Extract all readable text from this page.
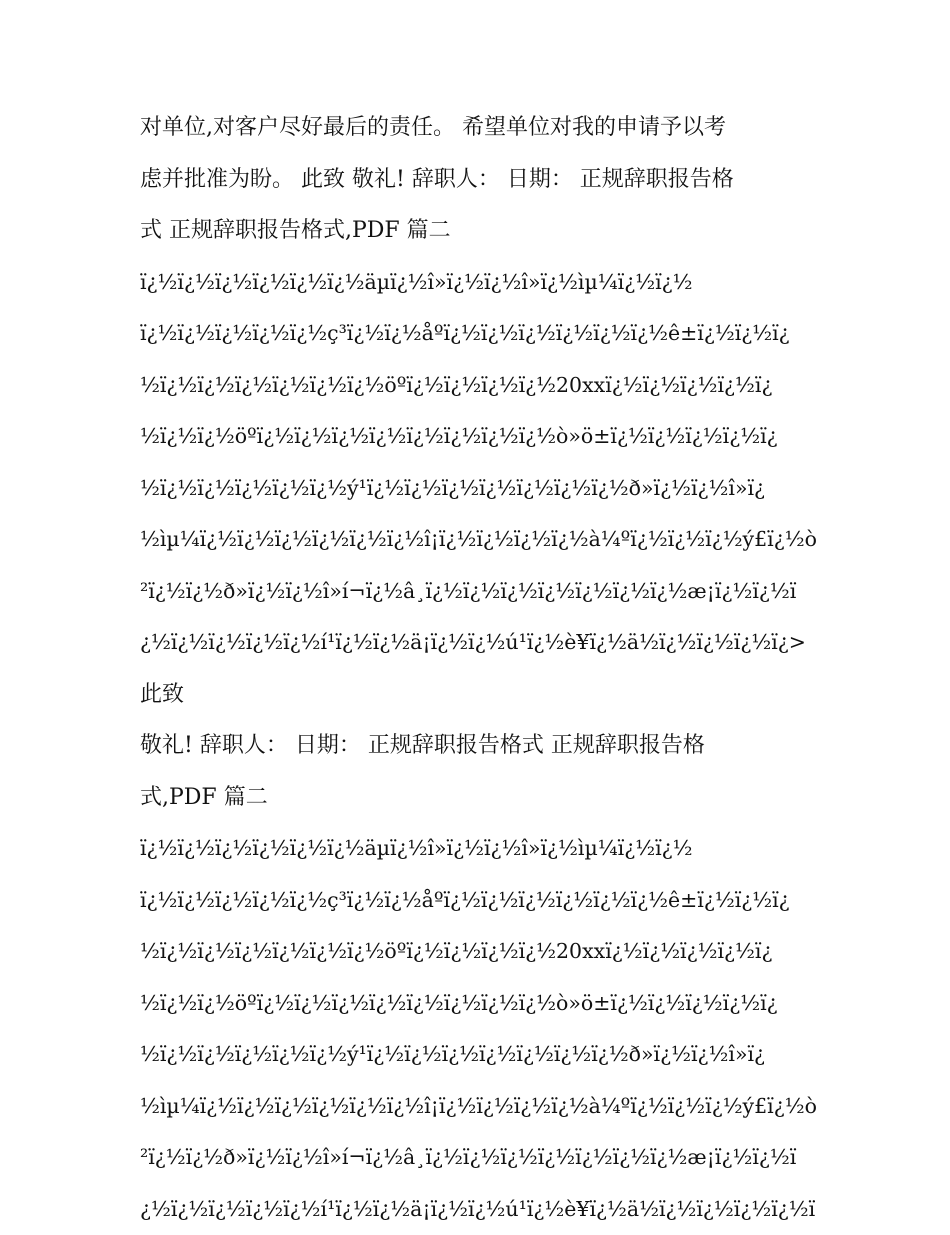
对单位,对客户尽好最后的责任。 希望单位对我的申请予以考
虑并批准为盼。 此致 敬礼! 辞职人： 日期： 正规辞职报告格
式 正规辞职报告格式,PDF 篇二
ï¿½ï¿½ï¿½ï¿½ï¿½ï¿½äµï¿½î»ï¿½ï¿½î»ï¿½ìµ¼ï¿½ï¿½
ï¿½ï¿½ï¿½ï¿½ï¿½ç³ï¿½ï¿½åºï¿½ï¿½ï¿½ï¿½ï¿½ï¿½ê±ï¿½ï¿½ï¿
½ï¿½ï¿½ï¿½ï¿½ï¿½ï¿½öºï¿½ï¿½ï¿½ï¿½20xxï¿½ï¿½ï¿½ï¿½ï¿
½ï¿½ï¿½öºï¿½ï¿½ï¿½ï¿½ï¿½ï¿½ï¿½ï¿½ò»ö±ï¿½ï¿½ï¿½ï¿½ï¿
½ï¿½ï¿½ï¿½ï¿½ï¿½ý¹ï¿½ï¿½ï¿½ï¿½ï¿½ï¿½ï¿½ð»ï¿½ï¿½î»ï¿
½ìµ¼ï¿½ï¿½ï¿½ï¿½ï¿½ï¿½î¡ï¿½ï¿½ï¿½ï¿½à¼ºï¿½ï¿½ï¿½ý£ï¿½ò
²ï¿½ï¿½ð»ï¿½ï¿½î»í¬ï¿½â¸ï¿½ï¿½ï¿½ï¿½ï¿½ï¿½ï¿½æ¡ï¿½ï¿½ï
¿½ï¿½ï¿½ï¿½ï¿½í¹ï¿½ï¿½ä¡ï¿½ï¿½ú¹ï¿½è¥ï¿½ä½ï¿½ï¿½ï¿½ï¿>
此致
敬礼! 辞职人： 日期： 正规辞职报告格式 正规辞职报告格
式,PDF 篇二
ï¿½ï¿½ï¿½ï¿½ï¿½ï¿½äµï¿½î»ï¿½ï¿½î»ï¿½ìµ¼ï¿½ï¿½
ï¿½ï¿½ï¿½ï¿½ï¿½ç³ï¿½ï¿½åºï¿½ï¿½ï¿½ï¿½ï¿½ï¿½ê±ï¿½ï¿½ï¿
½ï¿½ï¿½ï¿½ï¿½ï¿½ï¿½öºï¿½ï¿½ï¿½ï¿½20xxï¿½ï¿½ï¿½ï¿½ï¿
½ï¿½ï¿½öºï¿½ï¿½ï¿½ï¿½ï¿½ï¿½ï¿½ï¿½ò»ö±ï¿½ï¿½ï¿½ï¿½ï¿
½ï¿½ï¿½ï¿½ï¿½ï¿½ý¹ï¿½ï¿½ï¿½ï¿½ï¿½ï¿½ï¿½ð»ï¿½ï¿½î»ï¿
½ìµ¼ï¿½ï¿½ï¿½ï¿½ï¿½ï¿½î¡ï¿½ï¿½ï¿½ï¿½à¼ºï¿½ï¿½ï¿½ý£ï¿½ò
²ï¿½ï¿½ð»ï¿½ï¿½î»í¬ï¿½â¸ï¿½ï¿½ï¿½ï¿½ï¿½ï¿½ï¿½æ¡ï¿½ï¿½ï
¿½ï¿½ï¿½ï¿½ï¿½í¹ï¿½ï¿½ä¡ï¿½ï¿½ú¹ï¿½è¥ï¿½ä½ï¿½ï¿½ï¿½ï¿½ï
